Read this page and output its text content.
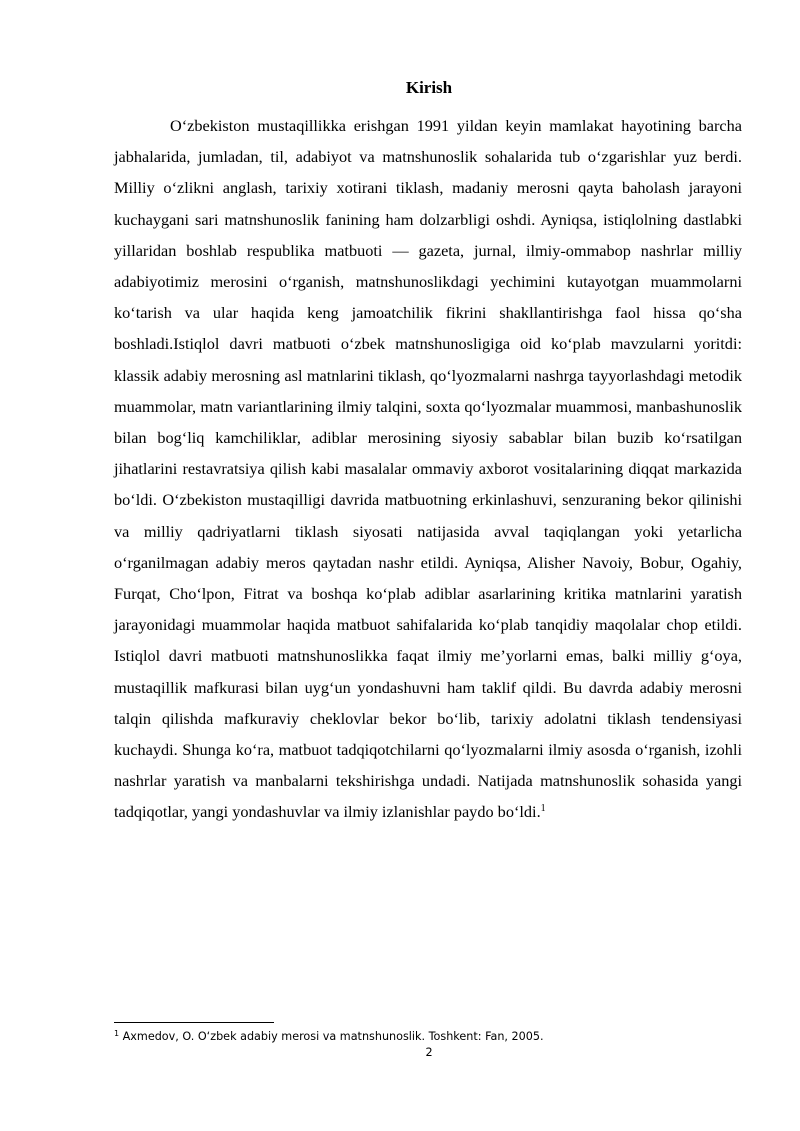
Kirish

O‘zbekiston mustaqillikka erishgan 1991 yildan keyin mamlakat hayotining barcha jabhalarida, jumladan, til, adabiyot va matnshunoslik sohalarida tub o‘zgarishlar yuz berdi. Milliy o‘zlikni anglash, tarixiy xotirani tiklash, madaniy merosni qayta baholash jarayoni kuchaygani sari matnshunoslik fanining ham dolzarbligi oshdi. Ayniqsa, istiqlolning dastlabki yillaridan boshlab respublika matbuoti — gazeta, jurnal, ilmiy-ommabop nashrlar milliy adabiyotimiz merosini o‘rganish, matnshunoslikdagi yechimini kutayotgan muammolarni ko‘tarish va ular haqida keng jamoatchilik fikrini shakllantirishga faol hissa qo‘sha boshladi.Istiqlol davri matbuoti o‘zbek matnshunosligiga oid ko‘plab mavzularni yoritdi: klassik adabiy merosning asl matnlarini tiklash, qo‘lyozmalarni nashrga tayyorlashdagi metodik muammolar, matn variantlarining ilmiy talqini, soxta qo‘lyozmalar muammosi, manbashunoslik bilan bog‘liq kamchiliklar, adiblar merosining siyosiy sabablar bilan buzib ko‘rsatilgan jihatlarini restavratsiya qilish kabi masalalar ommaviy axborot vositalarining diqqat markazida bo‘ldi. O‘zbekiston mustaqilligi davrida matbuotning erkinlashuvi, senzuraning bekor qilinishi va milliy qadriyatlarni tiklash siyosati natijasida avval taqiqlangan yoki yetarlicha o‘rganilmagan adabiy meros qaytadan nashr etildi. Ayniqsa, Alisher Navoiy, Bobur, Ogahiy, Furqat, Cho‘lpon, Fitrat va boshqa ko‘plab adiblar asarlarining kritika matnlarini yaratish jarayonidagi muammolar haqida matbuot sahifalarida ko‘plab tanqidiy maqolalar chop etildi. Istiqlol davri matbuoti matnshunoslikka faqat ilmiy me’yorlarni emas, balki milliy g‘oya, mustaqillik mafkurasi bilan uyg‘un yondashuvni ham taklif qildi. Bu davrda adabiy merosni talqin qilishda mafkuraviy cheklovlar bekor bo‘lib, tarixiy adolatni tiklash tendensiyasi kuchaydi. Shunga ko‘ra, matbuot tadqiqotchilarni qo‘lyozmalarni ilmiy asosda o‘rganish, izohli nashrlar yaratish va manbalarni tekshirishga undadi. Natijada matnshunoslik sohasida yangi tadqiqotlar, yangi yondashuvlar va ilmiy izlanishlar paydo bo‘ldi.$^1$

$^1$ Axmedov, O. O‘zbek adabiy merosi va matnshunoslik. Toshkent: Fan, 2005.
2
